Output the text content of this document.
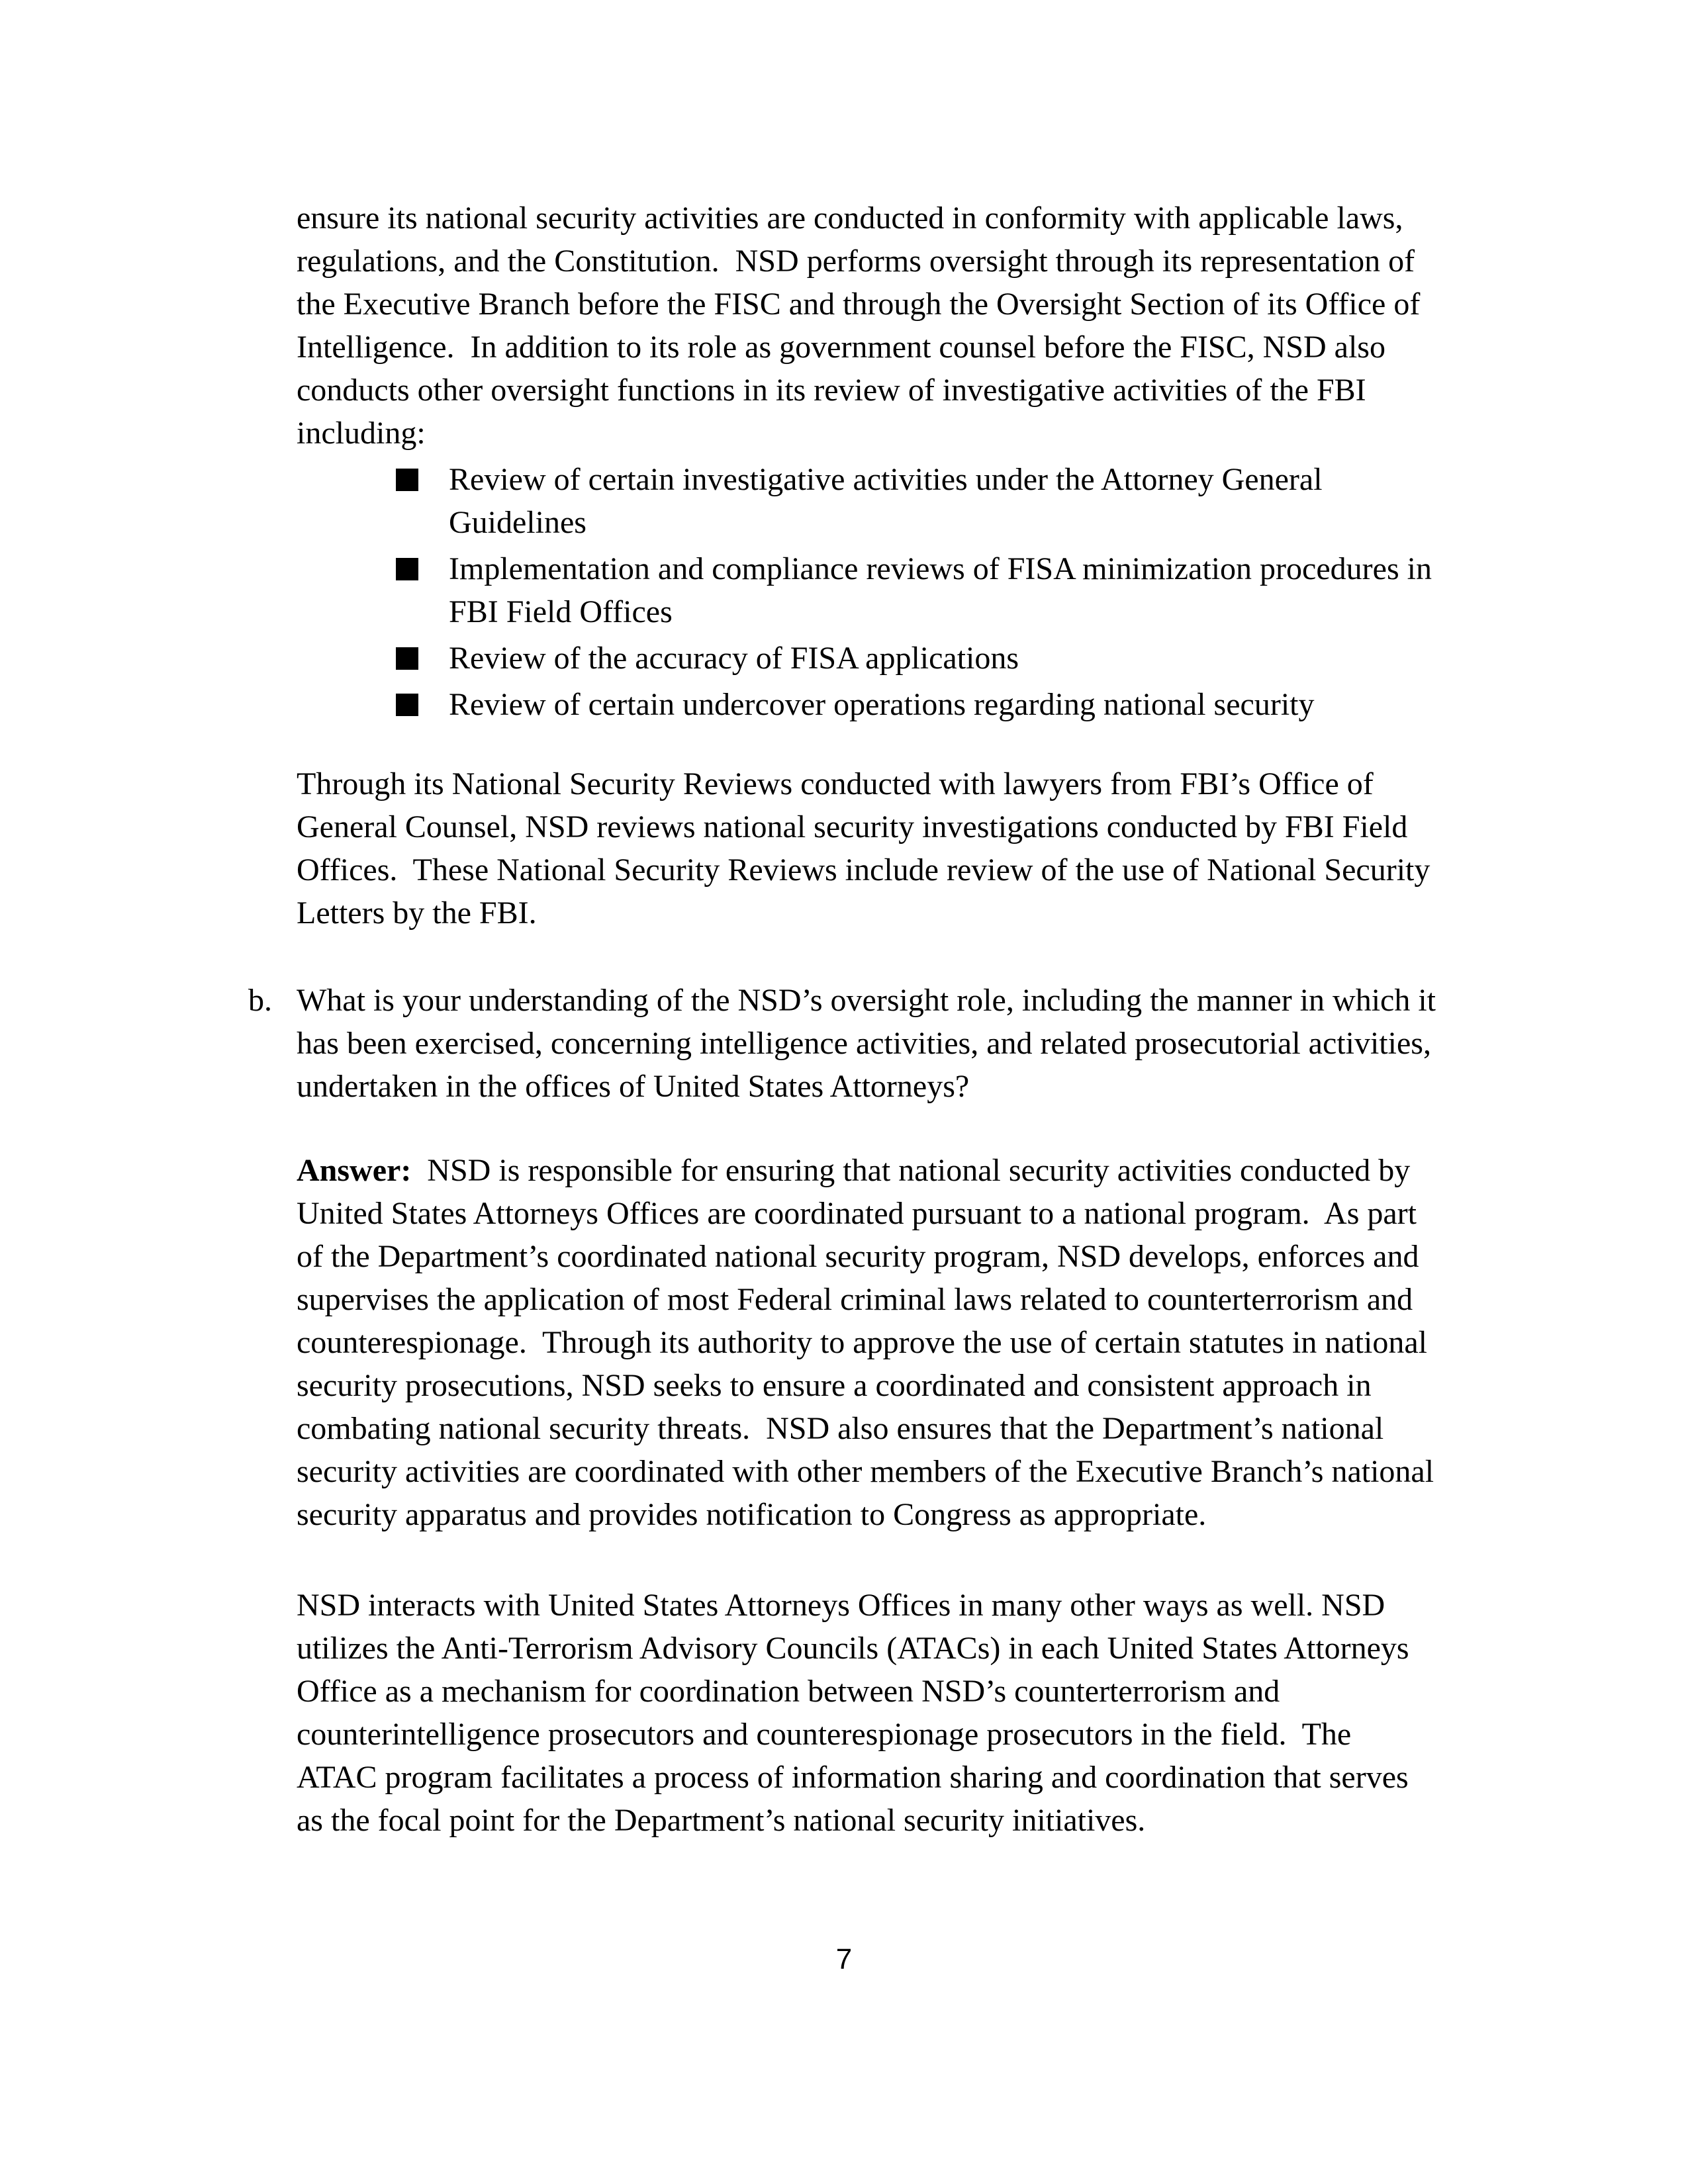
ensure its national security activities are conducted in conformity with applicable laws,
regulations, and the Constitution.  NSD performs oversight through its representation of
the Executive Branch before the FISC and through the Oversight Section of its Office of
Intelligence.  In addition to its role as government counsel before the FISC, NSD also
conducts other oversight functions in its review of investigative activities of the FBI
including:
Review of certain investigative activities under the Attorney General
Guidelines
Implementation and compliance reviews of FISA minimization procedures in
FBI Field Offices
Review of the accuracy of FISA applications
Review of certain undercover operations regarding national security
Through its National Security Reviews conducted with lawyers from FBI’s Office of
General Counsel, NSD reviews national security investigations conducted by FBI Field
Offices.  These National Security Reviews include review of the use of National Security
Letters by the FBI.
b. What is your understanding of the NSD’s oversight role, including the manner in which it
has been exercised, concerning intelligence activities, and related prosecutorial activities,
undertaken in the offices of United States Attorneys?
Answer:  NSD is responsible for ensuring that national security activities conducted by
United States Attorneys Offices are coordinated pursuant to a national program.  As part
of the Department’s coordinated national security program, NSD develops, enforces and
supervises the application of most Federal criminal laws related to counterterrorism and
counterespionage.  Through its authority to approve the use of certain statutes in national
security prosecutions, NSD seeks to ensure a coordinated and consistent approach in
combating national security threats.  NSD also ensures that the Department’s national
security activities are coordinated with other members of the Executive Branch’s national
security apparatus and provides notification to Congress as appropriate.
NSD interacts with United States Attorneys Offices in many other ways as well. NSD
utilizes the Anti-Terrorism Advisory Councils (ATACs) in each United States Attorneys
Office as a mechanism for coordination between NSD’s counterterrorism and
counterintelligence prosecutors and counterespionage prosecutors in the field.  The
ATAC program facilitates a process of information sharing and coordination that serves
as the focal point for the Department’s national security initiatives.
7
